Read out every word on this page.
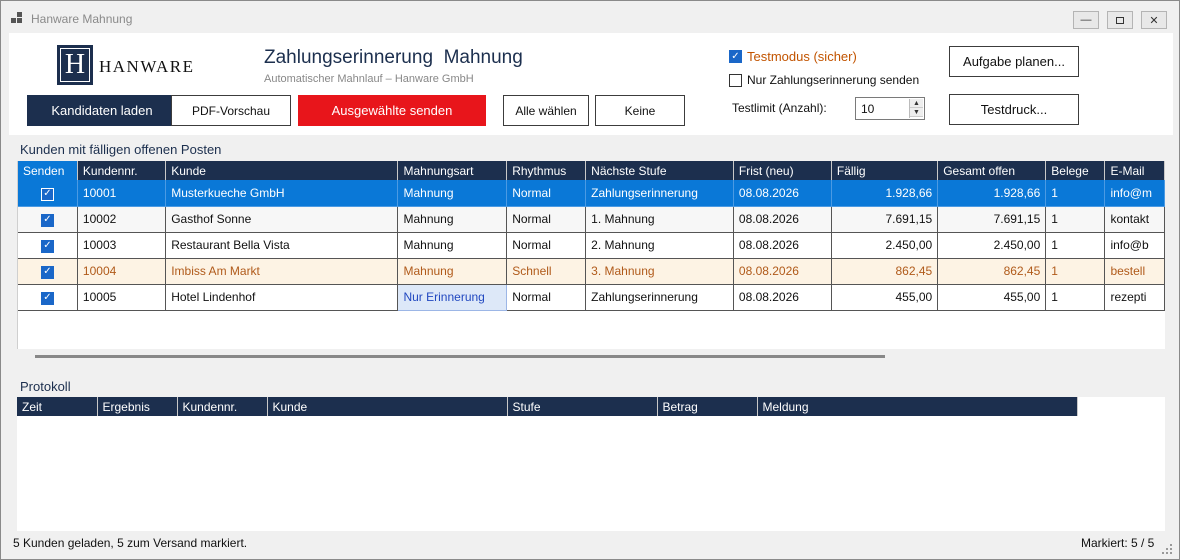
Hanware Mahnung	—	✕
H HANWARE	Zahlungserinnerung  Mahnung
Automatischer Mahnlauf – Hanware GmbH
Kandidaten laden	PDF-Vorschau	Ausgewählte senden	Alle wählen	Keine
✓ Testmodus (sicher)
Nur Zahlungserinnerung senden
Testlimit (Anzahl):	10	▲
▼
Aufgabe planen...
Testdruck...
Kunden mit fälligen offenen Posten
Senden	Kundennr.	Kunde	Mahnungsart	Rhythmus	Nächste Stufe	Frist (neu)	Fällig	Gesamt offen	Belege	E-Mail
✓	10001	Musterkueche GmbH	Mahnung	Normal	Zahlungserinnerung	08.08.2026	1.928,66	1.928,66	1	info@m
✓	10002	Gasthof Sonne	Mahnung	Normal	1. Mahnung	08.08.2026	7.691,15	7.691,15	1	kontakt
✓	10003	Restaurant Bella Vista	Mahnung	Normal	2. Mahnung	08.08.2026	2.450,00	2.450,00	1	info@b
✓	10004	Imbiss Am Markt	Mahnung	Schnell	3. Mahnung	08.08.2026	862,45	862,45	1	bestell
✓	10005	Hotel Lindenhof	Nur Erinnerung	Normal	Zahlungserinnerung	08.08.2026	455,00	455,00	1	rezepti
Protokoll
Zeit	Ergebnis	Kundennr.	Kunde	Stufe	Betrag	Meldung
5 Kunden geladen, 5 zum Versand markiert.	Markiert: 5 / 5
